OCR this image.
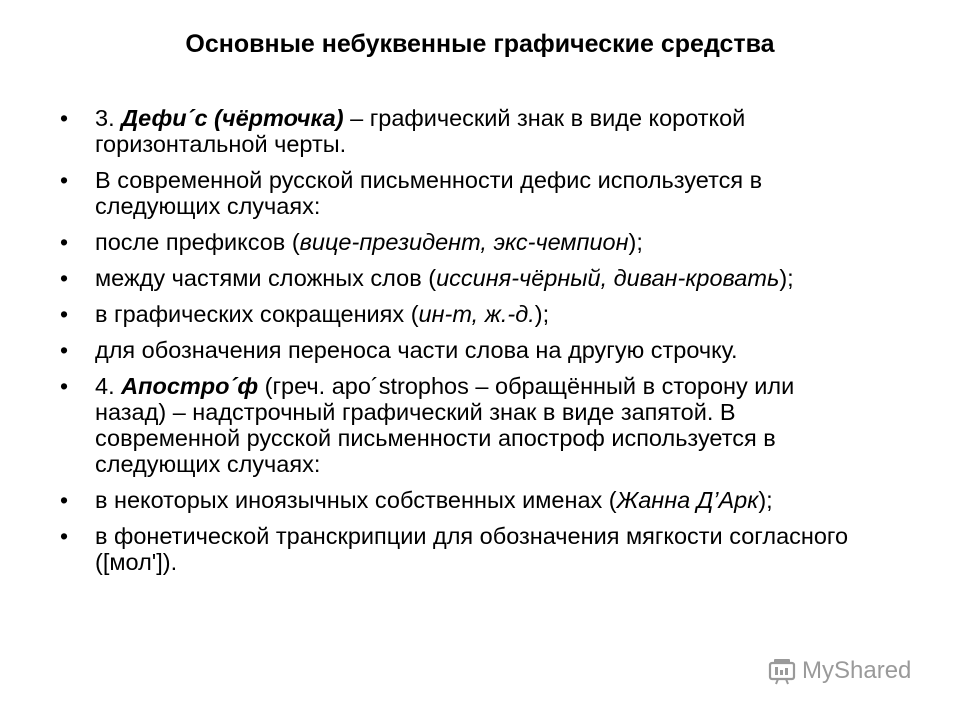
Основные небуквенные графические средства
• 3. Дефи´с (чёрточка) – графический знак в виде короткой горизонтальной черты.
• В современной русской письменности дефис используется в следующих случаях:
• после префиксов (вице-президент, экс-чемпион);
• между частями сложных слов (иссиня-чёрный, диван-кровать);
• в графических сокращениях (ин-т, ж.-д.);
• для обозначения переноса части слова на другую строчку.
• 4. Апостро´ф (греч. apo´strophos – обращённый в сторону или назад) – надстрочный графический знак в виде запятой. В современной русской письменности апостроф используется в следующих случаях:
• в некоторых иноязычных собственных именах (Жанна Д’Арк);
• в фонетической транскрипции для обозначения мягкости согласного ([мол']).
MyShared
